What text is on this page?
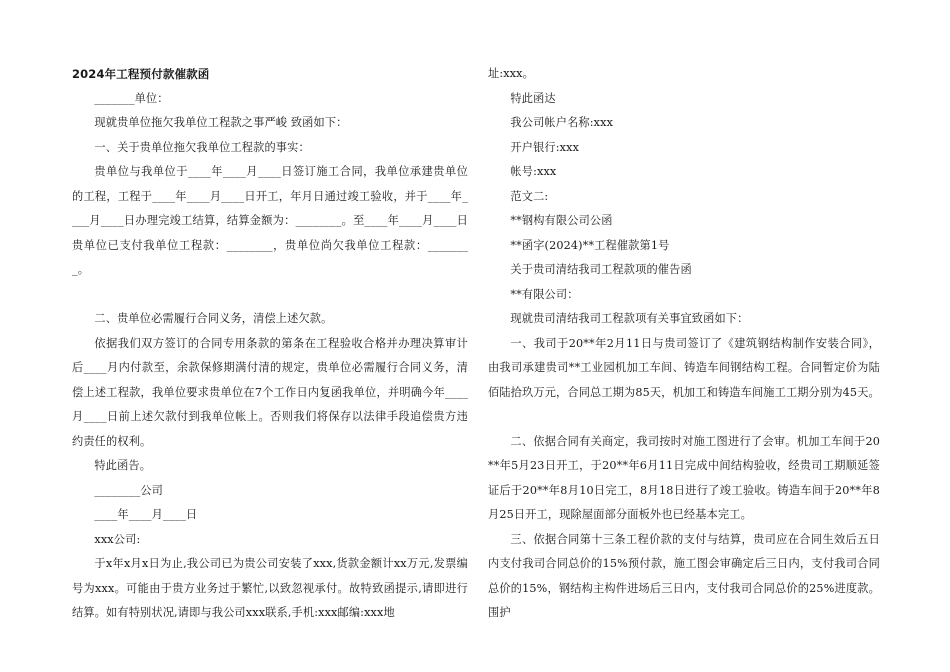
2024年工程预付款催款函

_______单位：

现就贵单位拖欠我单位工程款之事严峻 致函如下：

一、关于贵单位拖欠我单位工程款的事实：

贵单位与我单位于____年____月____日签订施工合同，我单位承建贵单位的工程，工程于____年____月____日开工，年月日通过竣工验收，并于____年____月____日办理完竣工结算，结算金额为：________。至____年____月____日贵单位已支付我单位工程款：________，贵单位尚欠我单位工程款：________。

二、贵单位必需履行合同义务，清偿上述欠款。

依据我们双方签订的合同专用条款的第条在工程验收合格并办理决算审计后____月内付款至，余款保修期满付清的规定，贵单位必需履行合同义务，清偿上述工程款，我单位要求贵单位在7个工作日内复函我单位，并明确今年____月____日前上述欠款付到我单位帐上。否则我们将保存以法律手段追偿贵方违约责任的权利。

特此函告。

________公司

____年____月____日

xxx公司:

于x年x月x日为止,我公司已为贵公司安装了xxx,货款金额计xx万元,发票编号为xxx。可能由于贵方业务过于繁忙,以致忽视承付。故特致函提示,请即进行结算。如有特别状况,请即与我公司xxx联系,手机:xxx邮编:xxx地

址:xxx。

特此函达

我公司帐户名称:xxx

开户银行:xxx

帐号:xxx

范文二:

**钢构有限公司公函

**函字(2024)**工程催款第1号

关于贵司清结我司工程款项的催告函

**有限公司：

现就贵司清结我司工程款项有关事宜致函如下：

一、我司于20**年2月11日与贵司签订了《建筑钢结构制作安装合同》，由我司承建贵司**工业园机加工车间、铸造车间钢结构工程。合同暂定价为陆佰陆拾玖万元，合同总工期为85天，机加工和铸造车间施工工期分别为45天。

二、依据合同有关商定，我司按时对施工图进行了会审。机加工车间于20**年5月23日开工，于20**年6月11日完成中间结构验收，经贵司工期顺延签证后于20**年8月10日完工，8月18日进行了竣工验收。铸造车间于20**年8月25日开工，现除屋面部分面板外也已经基本完工。

三、依据合同第十三条工程价款的支付与结算，贵司应在合同生效后五日内支付我司合同总价的15%预付款，施工图会审确定后三日内，支付我司合同总价的15%，钢结构主构件进场后三日内，支付我司合同总价的25%进度款。围护
